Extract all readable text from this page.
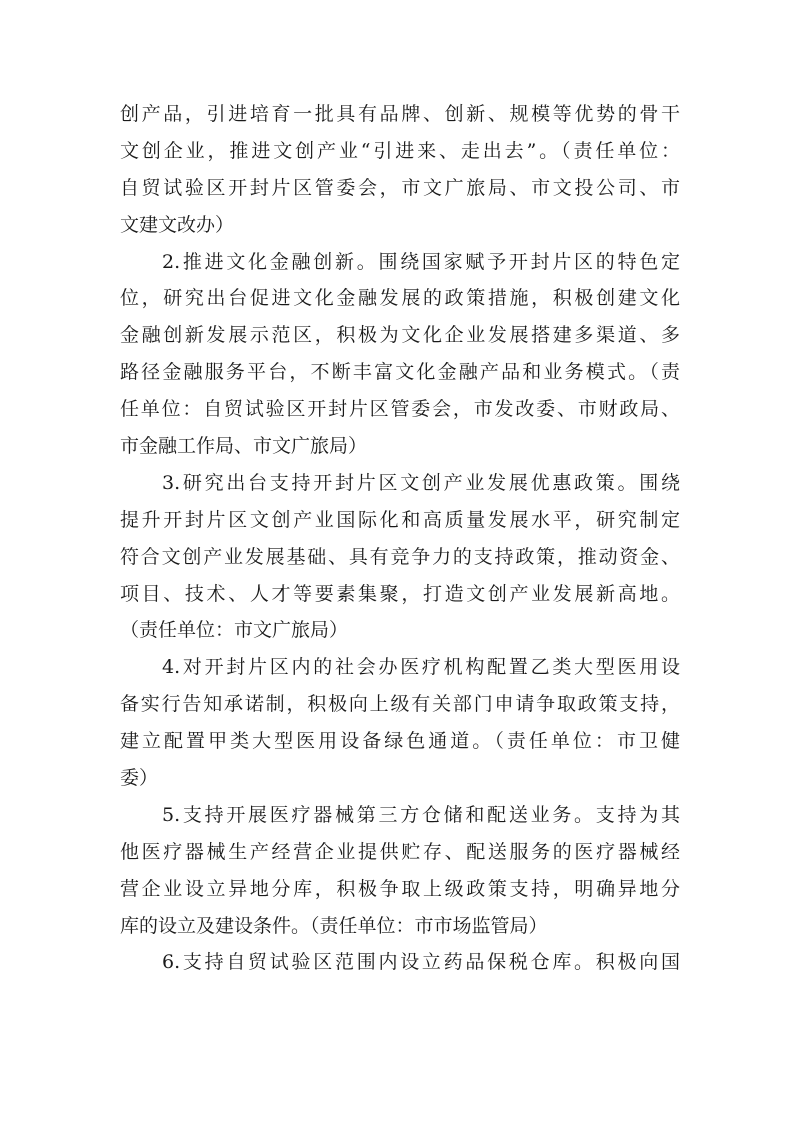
创产品，引进培育一批具有品牌、创新、规模等优势的骨干
文创企业，推进文创产业“引进来、走出去”。（责任单位：
自贸试验区开封片区管委会，市文广旅局、市文投公司、市
文建文改办）
2.推进文化金融创新。围绕国家赋予开封片区的特色定
位，研究出台促进文化金融发展的政策措施，积极创建文化
金融创新发展示范区，积极为文化企业发展搭建多渠道、多
路径金融服务平台，不断丰富文化金融产品和业务模式。（责
任单位：自贸试验区开封片区管委会，市发改委、市财政局、
市金融工作局、市文广旅局）
3.研究出台支持开封片区文创产业发展优惠政策。围绕
提升开封片区文创产业国际化和高质量发展水平，研究制定
符合文创产业发展基础、具有竞争力的支持政策，推动资金、
项目、技术、人才等要素集聚，打造文创产业发展新高地。
（责任单位：市文广旅局）
4.对开封片区内的社会办医疗机构配置乙类大型医用设
备实行告知承诺制，积极向上级有关部门申请争取政策支持，
建立配置甲类大型医用设备绿色通道。（责任单位：市卫健
委）
5.支持开展医疗器械第三方仓储和配送业务。支持为其
他医疗器械生产经营企业提供贮存、配送服务的医疗器械经
营企业设立异地分库，积极争取上级政策支持，明确异地分
库的设立及建设条件。（责任单位：市市场监管局）
6.支持自贸试验区范围内设立药品保税仓库。积极向国
